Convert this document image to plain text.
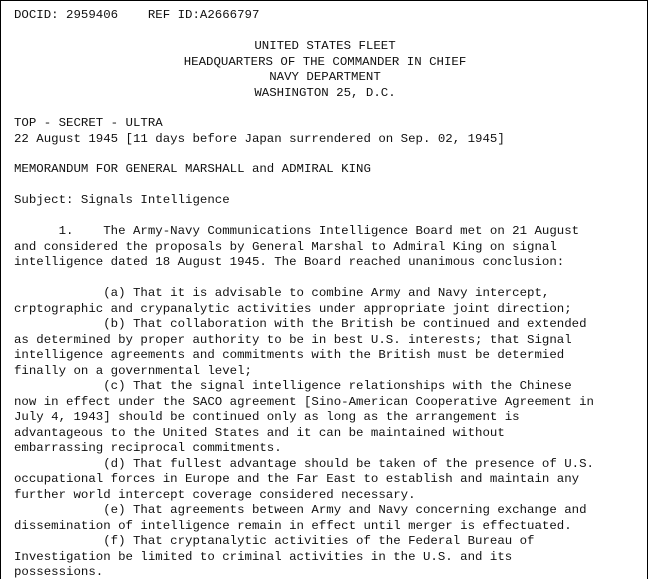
DOCID: 2959406 REF ID:A2666797
UNITED STATES FLEET
HEADQUARTERS OF THE COMMANDER IN CHIEF
NAVY DEPARTMENT
WASHINGTON 25, D.C.
TOP - SECRET - ULTRA
22 August 1945 [11 days before Japan surrendered on Sep. 02, 1945]
MEMORANDUM FOR GENERAL MARSHALL and ADMIRAL KING
Subject: Signals Intelligence
1.    The Army-Navy Communications Intelligence Board met on 21 August
and considered the proposals by General Marshal to Admiral King on signal
intelligence dated 18 August 1945. The Board reached unanimous conclusion:
(a) That it is advisable to combine Army and Navy intercept,
crptographic and crypanalytic activities under appropriate joint direction;
(b) That collaboration with the British be continued and extended
as determined by proper authority to be in best U.S. interests; that Signal
intelligence agreements and commitments with the British must be determied
finally on a governmental level;
(c) That the signal intelligence relationships with the Chinese
now in effect under the SACO agreement [Sino-American Cooperative Agreement in
July 4, 1943] should be continued only as long as the arrangement is
advantageous to the United States and it can be maintained without
embarrassing reciprocal commitments.
(d) That fullest advantage should be taken of the presence of U.S.
occupational forces in Europe and the Far East to establish and maintain any
further world intercept coverage considered necessary.
(e) That agreements between Army and Navy concerning exchange and
dissemination of intelligence remain in effect until merger is effectuated.
(f) That cryptanalytic activities of the Federal Bureau of
Investigation be limited to criminal activities in the U.S. and its
possessions.
